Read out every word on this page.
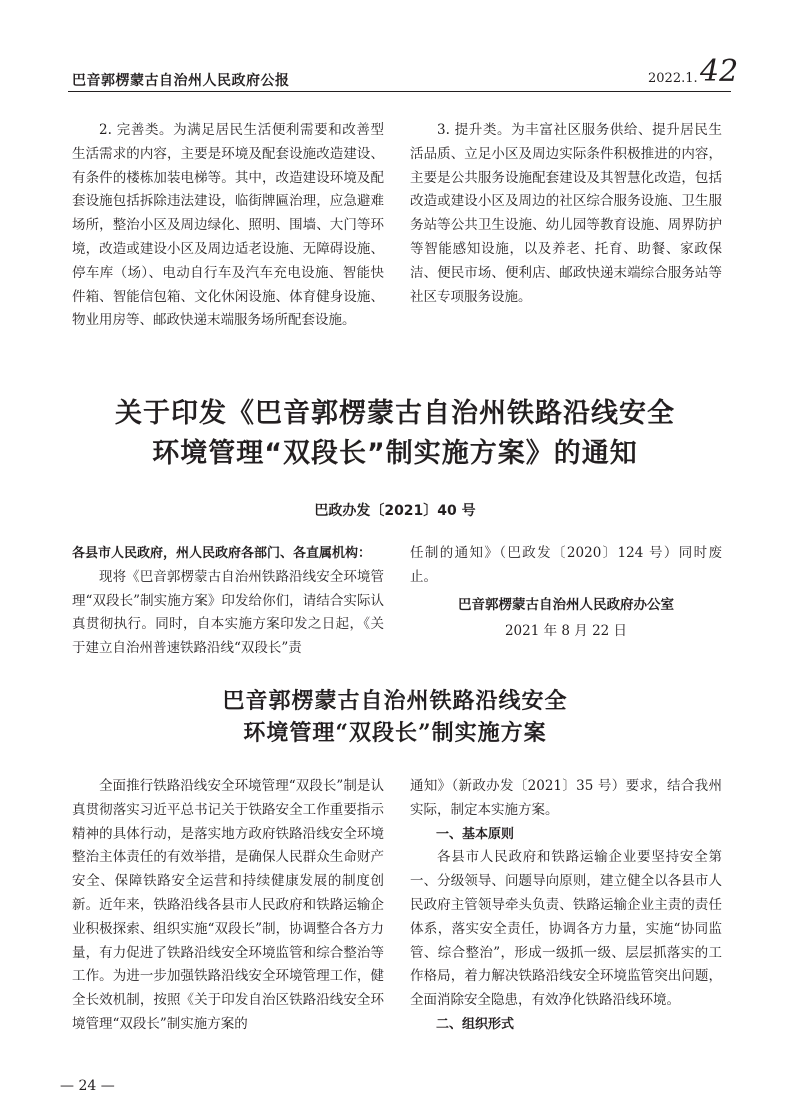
巴音郭楞蒙古自治州人民政府公报	2022.1. 42

2. 完善类。为满足居民生活便利需要和改善型生活需求的内容，主要是环境及配套设施改造建设、有条件的楼栋加装电梯等。其中，改造建设环境及配套设施包括拆除违法建设，临街牌匾治理，应急避难场所，整治小区及周边绿化、照明、围墙、大门等环境，改造或建设小区及周边适老设施、无障碍设施、停车库（场）、电动自行车及汽车充电设施、智能快件箱、智能信包箱、文化休闲设施、体育健身设施、物业用房等、邮政快递末端服务场所配套设施。

3. 提升类。为丰富社区服务供给、提升居民生活品质、立足小区及周边实际条件积极推进的内容，主要是公共服务设施配套建设及其智慧化改造，包括改造或建设小区及周边的社区综合服务设施、卫生服务站等公共卫生设施、幼儿园等教育设施、周界防护等智能感知设施，以及养老、托育、助餐、家政保洁、便民市场、便利店、邮政快递末端综合服务站等社区专项服务设施。

关于印发《巴音郭楞蒙古自治州铁路沿线安全
环境管理“双段长”制实施方案》的通知
巴政办发〔2021〕40 号

各县市人民政府，州人民政府各部门、各直属机构：

现将《巴音郭楞蒙古自治州铁路沿线安全环境管理“双段长”制实施方案》印发给你们，请结合实际认真贯彻执行。同时，自本实施方案印发之日起，《关于建立自治州普速铁路沿线“双段长”责

任制的通知》（巴政发〔2020〕124 号）同时废止。

巴音郭楞蒙古自治州人民政府办公室
2021 年 8 月 22 日
巴音郭楞蒙古自治州铁路沿线安全
环境管理“双段长”制实施方案

全面推行铁路沿线安全环境管理“双段长”制是认真贯彻落实习近平总书记关于铁路安全工作重要指示精神的具体行动，是落实地方政府铁路沿线安全环境整治主体责任的有效举措，是确保人民群众生命财产安全、保障铁路安全运营和持续健康发展的制度创新。近年来，铁路沿线各县市人民政府和铁路运输企业积极探索、组织实施“双段长”制，协调整合各方力量，有力促进了铁路沿线安全环境监管和综合整治等工作。为进一步加强铁路沿线安全环境管理工作，健全长效机制，按照《关于印发自治区铁路沿线安全环境管理“双段长”制实施方案的

通知》（新政办发〔2021〕35 号）要求，结合我州实际，制定本实施方案。

一、基本原则

各县市人民政府和铁路运输企业要坚持安全第一、分级领导、问题导向原则，建立健全以各县市人民政府主管领导牵头负责、铁路运输企业主责的责任体系，落实安全责任，协调各方力量，实施“协同监管、综合整治”，形成一级抓一级、层层抓落实的工作格局，着力解决铁路沿线安全环境监管突出问题，全面消除安全隐患，有效净化铁路沿线环境。

二、组织形式

— 24 —
